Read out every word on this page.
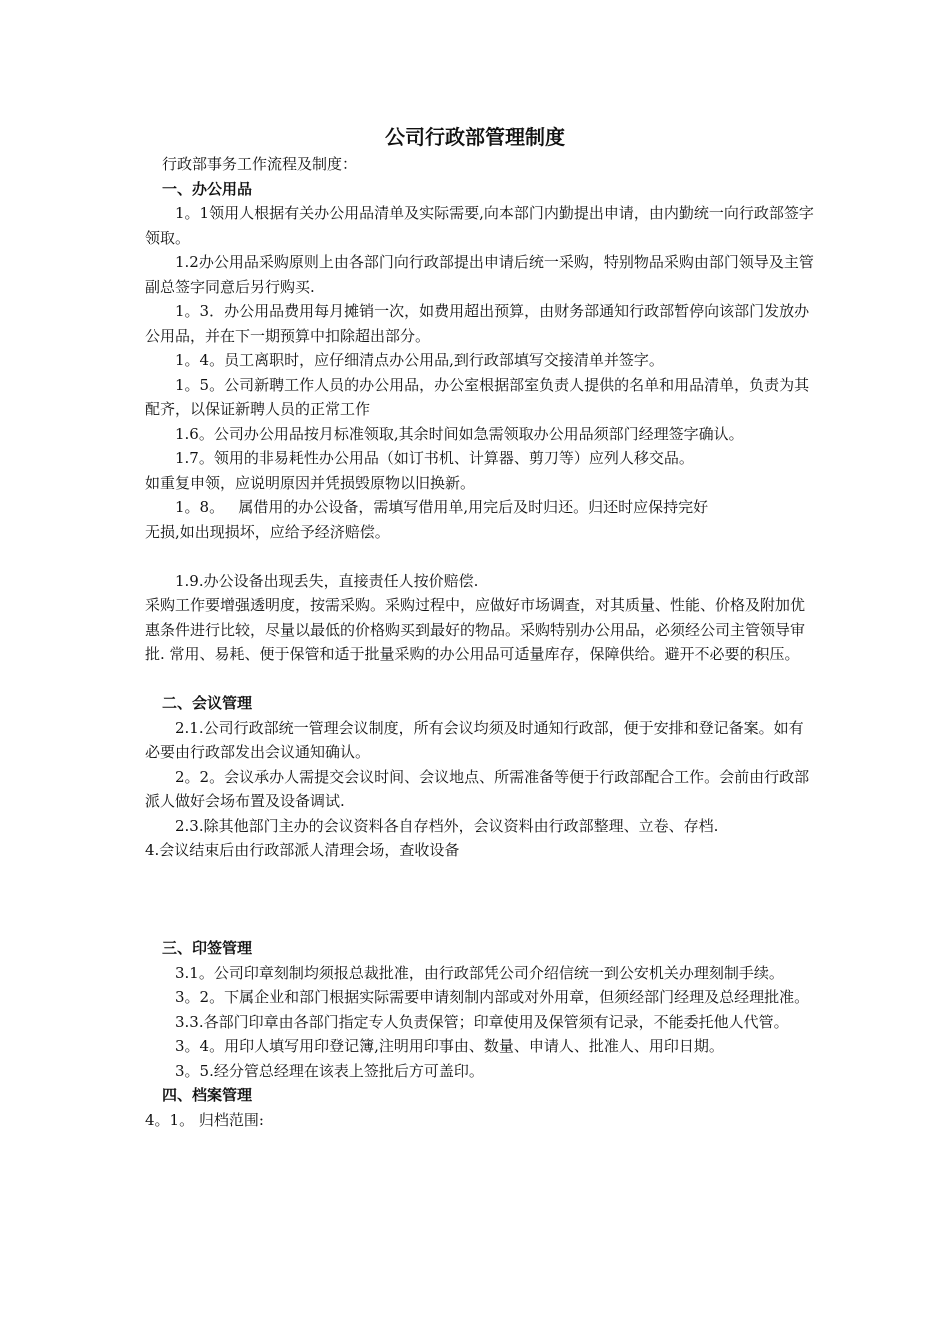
公司行政部管理制度

行政部事务工作流程及制度：

一、办公用品

1。1领用人根据有关办公用品清单及实际需要,向本部门内勤提出申请，由内勤统一向行政部签字领取。

1.2办公用品采购原则上由各部门向行政部提出申请后统一采购，特别物品采购由部门领导及主管副总签字同意后另行购买.

1。3．办公用品费用每月摊销一次，如费用超出预算，由财务部通知行政部暂停向该部门发放办公用品，并在下一期预算中扣除超出部分。

1。4。员工离职时，应仔细清点办公用品,到行政部填写交接清单并签字。

1。5。公司新聘工作人员的办公用品，办公室根据部室负责人提供的名单和用品清单，负责为其配齐，以保证新聘人员的正常工作

1.6。公司办公用品按月标准领取,其余时间如急需领取办公用品须部门经理签字确认。

1.7。领用的非易耗性办公用品（如订书机、计算器、剪刀等）应列人移交品。

如重复申领，应说明原因并凭损毁原物以旧换新。

1。8。   属借用的办公设备，需填写借用单,用完后及时归还。归还时应保持完好

无损,如出现损坏，应给予经济赔偿。

1.9.办公设备出现丢失，直接责任人按价赔偿.

采购工作要增强透明度，按需采购。采购过程中，应做好市场调查，对其质量、性能、价格及附加优惠条件进行比较，尽量以最低的价格购买到最好的物品。采购特别办公用品，必须经公司主管领导审批. 常用、易耗、便于保管和适于批量采购的办公用品可适量库存，保障供给。避开不必要的积压。

二、会议管理

2.1.公司行政部统一管理会议制度，所有会议均须及时通知行政部，便于安排和登记备案。如有必要由行政部发出会议通知确认。

2。2。会议承办人需提交会议时间、会议地点、所需准备等便于行政部配合工作。会前由行政部派人做好会场布置及设备调试.

2.3.除其他部门主办的会议资料各自存档外，会议资料由行政部整理、立卷、存档.

4.会议结束后由行政部派人清理会场，查收设备

三、印签管理

3.1。公司印章刻制均须报总裁批准，由行政部凭公司介绍信统一到公安机关办理刻制手续。

3。2。下属企业和部门根据实际需要申请刻制内部或对外用章，但须经部门经理及总经理批准。

3.3.各部门印章由各部门指定专人负责保管；印章使用及保管须有记录，不能委托他人代管。

3。4。用印人填写用印登记簿,注明用印事由、数量、申请人、批准人、用印日期。

3。5.经分管总经理在该表上签批后方可盖印。

四、档案管理

4。1。 归档范围:
